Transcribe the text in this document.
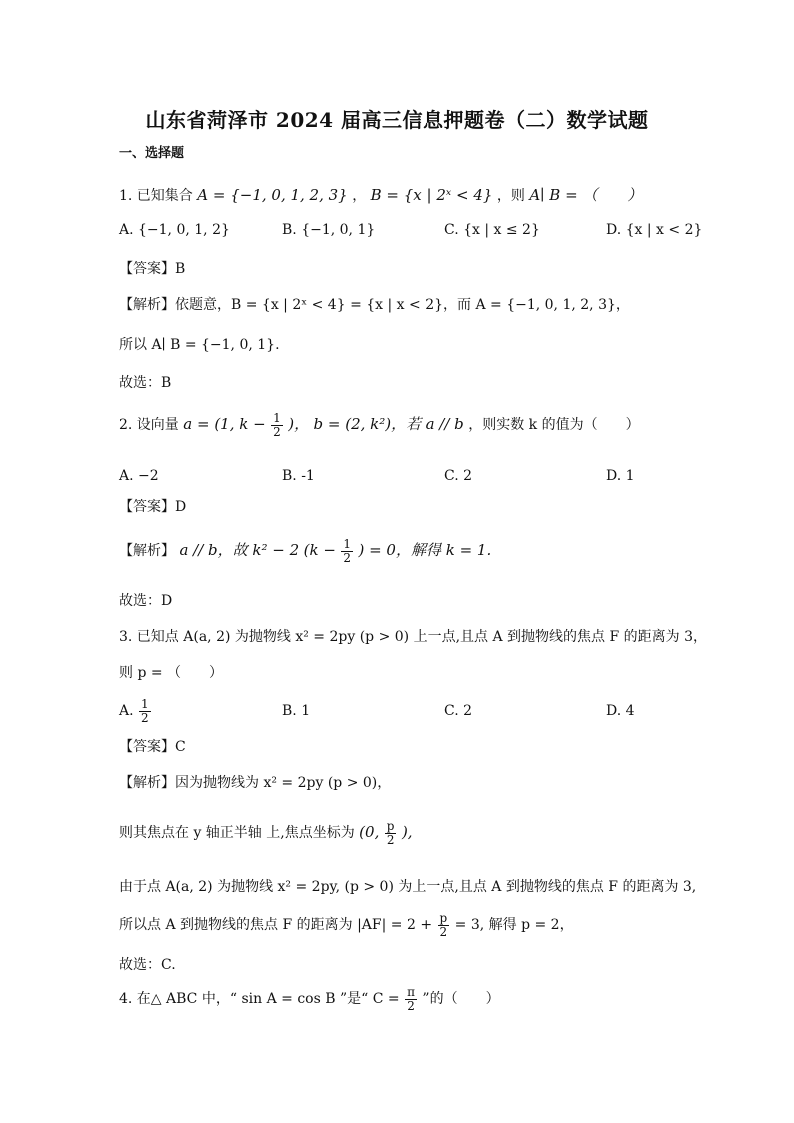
山东省菏泽市 2024 届高三信息押题卷（二）数学试题
一、选择题
1. 已知集合 A = {−1, 0, 1, 2, 3} ， B = {x | 2ˣ < 4} ，则 A∣ B = （　　）
A. {−1, 0, 1, 2}	B. {−1, 0, 1}	C. {x | x ≤ 2}	D. {x | x < 2}
【答案】B
【解析】依题意，B = {x | 2ˣ < 4} = {x | x < 2}，而 A = {−1, 0, 1, 2, 3}，
所以 A∣ B = {−1, 0, 1}.
故选：B
2. 设向量 a = (1, $k - \frac{1}{2}$ )， b = (2, k²)，若 a // b ，则实数 k 的值为（　　）
A. −2	B. -1	C. 2	D. 1
【答案】D
【解析】 a // b，故 k² − 2 ($k - \frac{1}{2}$ ) = 0，解得 k = 1.
故选：D
3. 已知点 A(a, 2) 为抛物线 x² = 2py (p > 0) 上一点,且点 A 到抛物线的焦点 F 的距离为 3，
则 p = （　　）
A. $\frac{1}{2}$	B. 1	C. 2	D. 4
【答案】C
【解析】因为抛物线为 x² = 2py (p > 0)，
则其焦点在 y 轴正半轴 上,焦点坐标为 (0, $\frac{p}{2}$ ),
由于点 A(a, 2) 为抛物线 x² = 2py, (p > 0) 为上一点,且点 A 到抛物线的焦点 F 的距离为 3,
所以点 A 到抛物线的焦点 F 的距离为 $|AF| = 2 + \frac{p}{2} = 3$, 解得 p = 2，
故选：C.
4. 在△ ABC 中，“ sin A = cos B ”是“ $C = \frac{\pi}{2}$ ”的（　　）
